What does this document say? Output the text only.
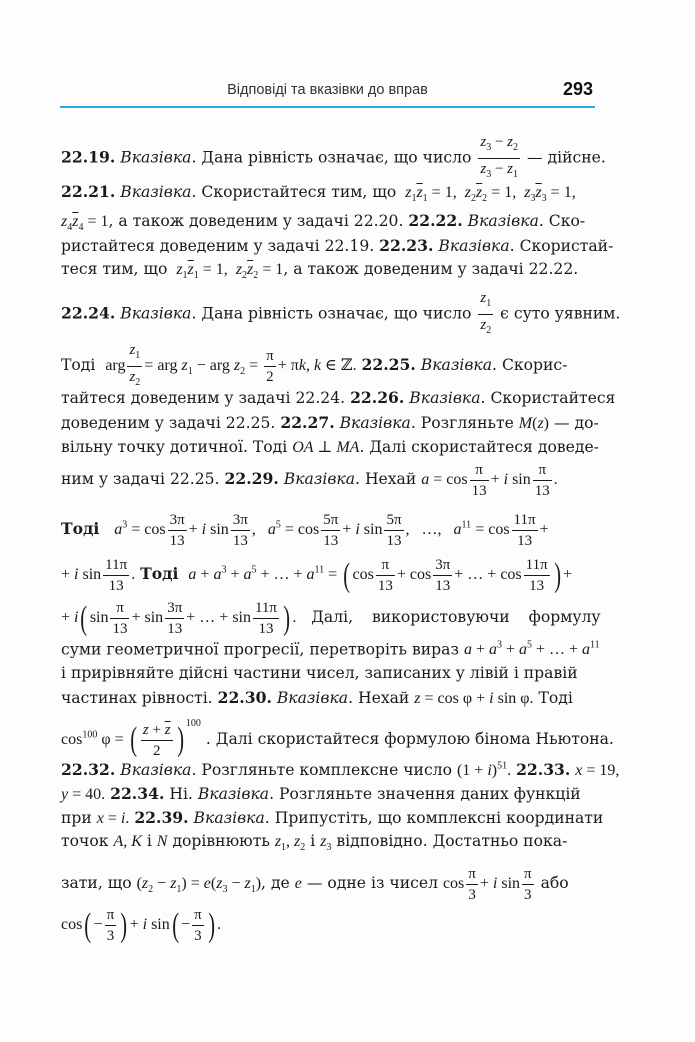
Відповіді та вказівки до вправ	293
22.19. Вказівка. Дана рівність означає, що число $\frac{z_3 - z_2}{z_3 - z_1}$ — дійсне.
22.21. Вказівка. Скористайтеся тим, що $z_1\overline{z}_1 = 1$,  $z_2\overline{z}_2 = 1$,  $z_3\overline{z}_3 = 1$,
$z_4\overline{z}_4 = 1$, а також доведеним у задачі 22.20. 22.22. Вказівка. Ско-
ристайтеся доведеним у задачі 22.19. 22.23. Вказівка. Скористай-
теся тим, що $z_1\overline{z}_1 = 1$,  $z_2\overline{z}_2 = 1$, а також доведеним у задачі 22.22.
22.24. Вказівка. Дана рівність означає, що число $\frac{z_1}{z_2}$ є суто уявним.
Тоді arg $\frac{z_1}{z_2}$ = arg $z_1$ − arg $z_2 = \frac{\pi}{2} + \pi k$, k ∈ ℤ. 22.25. Вказівка. Скорис-
тайтеся доведеним у задачі 22.24. 22.26. Вказівка. Скористайтеся
доведеним у задачі 22.25. 22.27. Вказівка. Розгляньте M(z) — до-
вільну точку дотичної. Тоді OA ⊥ MA. Далі скористайтеся доведе-
ним у задачі 22.25. 22.29. Вказівка. Нехай $a = \cos \frac{\pi}{13} + i$ $\sin \frac{\pi}{13}$ .
Тоді $a^3 = \cos \frac{3\pi}{13} + i$ $\sin \frac{3\pi}{13}$ ,   $a^5 = \cos \frac{5\pi}{13} + i$ $\sin \frac{5\pi}{13}$ ,   …,   $a^{11} = \cos \frac{11\pi}{13}$ +
+ i $\sin \frac{11\pi}{13}$ . Тоді $a + a^3 + a^5$ + … + $a^{11}$ = ( $\cos \frac{\pi}{13} + \cos \frac{3\pi}{13}$ + … + $\cos \frac{11\pi}{13}$ ) +
+ i( $\sin \frac{\pi}{13} + \sin \frac{3\pi}{13}$ + … + $\sin \frac{11\pi}{13}$ ) . Далі, використовуючи формулу
суми геометричної прогресії, перетворіть вираз $a + a^3 + a^5$ + … + $a^{11}$
і прирівняйте дійсні частини чисел, записаних у лівій і правій
частинах рівності. 22.30. Вказівка. Нехай z = cos φ + i sin φ. Тоді
$\cos^{100} \varphi$ = ( $\frac{z + \overline{z}}{2}$ ) $^{100}$ . Далі скористайтеся формулою бінома Ньютона.
22.32. Вказівка. Розгляньте комплексне число $(1 + i)^{51}$. 22.33. x = 19,
y = 40. 22.34. Ні. Вказівка. Розгляньте значення даних функцій
при x = i. 22.39. Вказівка. Припустіть, що комплексні координати
точок A, K і N дорівнюють $z_1$, $z_2$ і $z_3$ відповідно. Достатньо пока-
зати, що $(z_2 - z_1) = e(z_3 - z_1)$, де e — одне із чисел $\cos \frac{\pi}{3} + i$ $\sin \frac{\pi}{3}$ або
$\cos( - \frac{\pi}{3}$ ) + i $\sin( - \frac{\pi}{3}$ ) .
